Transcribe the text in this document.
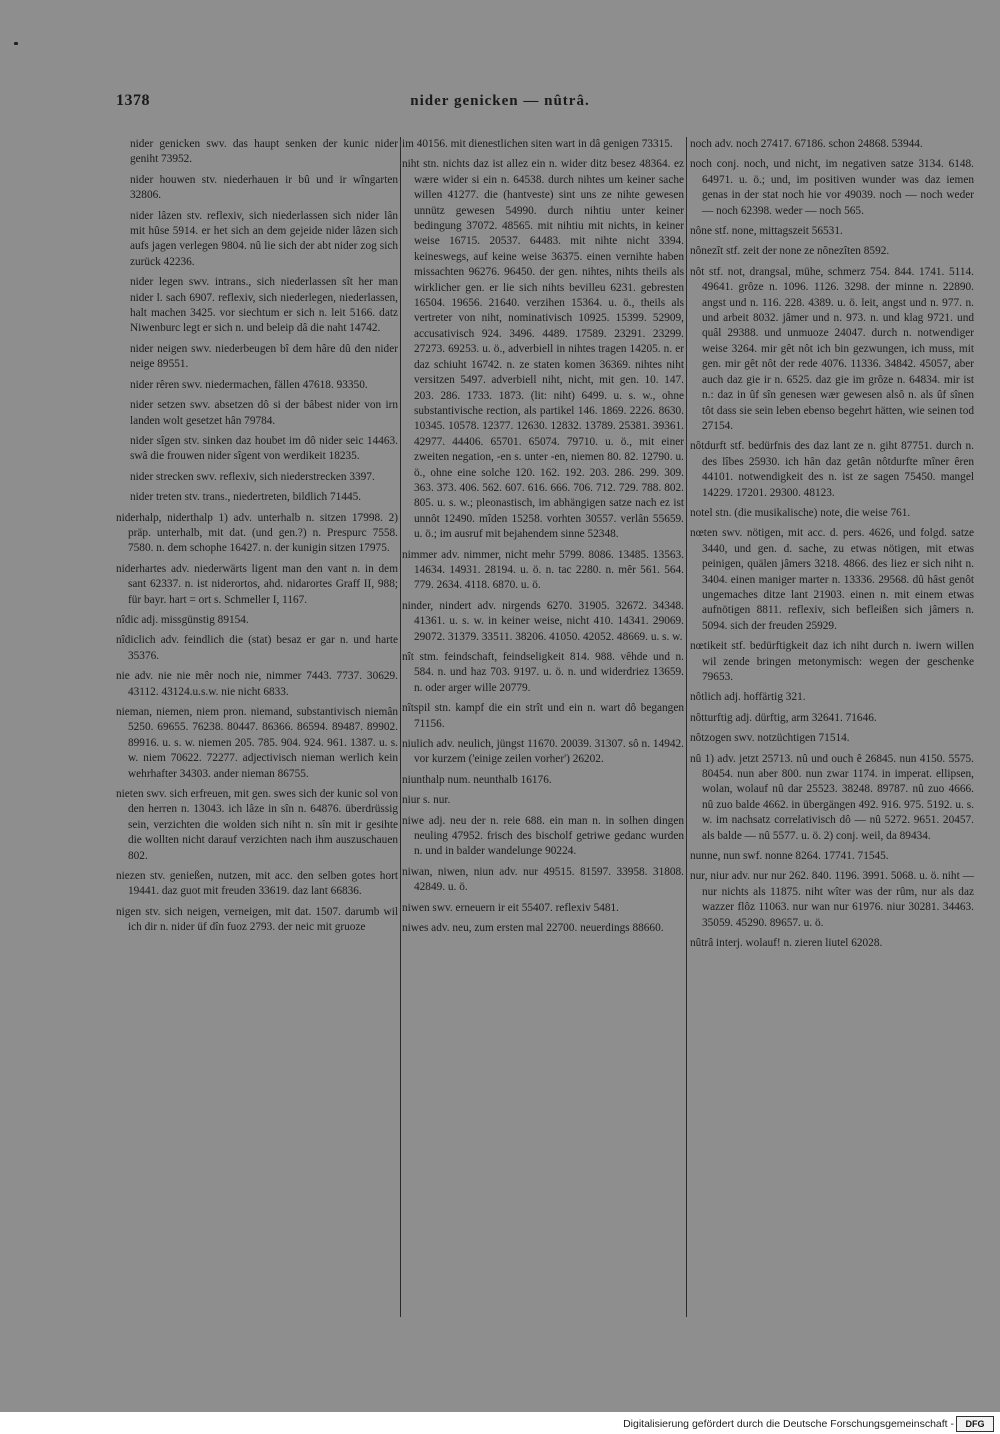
1378	nider genicken — nûtrâ.

nider genicken swv. das haupt senken der kunic nider geniht 73952.

nider houwen stv. niederhauen ir bû und ir wîngarten 32806.

nider lâzen stv. reflexiv, sich niederlassen sich nider lân mit hûse 5914. er het sich an dem gejeide nider lâzen sich aufs jagen verlegen 9804. nû lie sich der abt nider zog sich zurück 42236.

nider legen swv. intrans., sich niederlassen sît her man nider l. sach 6907. reflexiv, sich niederlegen, niederlassen, halt machen 3425. vor siechtum er sich n. leit 5166. datz Niwenburc legt er sich n. und beleip dâ die naht 14742.

nider neigen swv. niederbeugen bî dem hâre dû den nider neige 89551.

nider rêren swv. niedermachen, fällen 47618. 93350.

nider setzen swv. absetzen dô si der bâbest nider von irn landen wolt gesetzet hân 79784.

nider sîgen stv. sinken daz houbet im dô nider seic 14463. swâ die frouwen nider sîgent von werdikeit 18235.

nider strecken swv. reflexiv, sich niederstrecken 3397.

nider treten stv. trans., niedertreten, bildlich 71445.

niderhalp, niderthalp 1) adv. unterhalb n. sitzen 17998. 2) präp. unterhalb, mit dat. (und gen.?) n. Prespurc 7558. 7580. n. dem schophe 16427. n. der kunigin sitzen 17975.

niderhartes adv. niederwärts ligent man den vant n. in dem sant 62337. n. ist niderortos, ahd. nidarortes Graff II, 988; für bayr. hart = ort s. Schmeller I, 1167.

nîdic adj. missgünstig 89154.

nîdiclich adv. feindlich die (stat) besaz er gar n. und harte 35376.

nie adv. nie nie mêr noch nie, nimmer 7443. 7737. 30629. 43112. 43124.u.s.w. nie nicht 6833.

nieman, niemen, niem pron. niemand, substantivisch niemân 5250. 69655. 76238. 80447. 86366. 86594. 89487. 89902. 89916. u. s. w. niemen 205. 785. 904. 924. 961. 1387. u. s. w. niem 70622. 72277. adjectivisch nieman werlich kein wehrhafter 34303. ander nieman 86755.

nieten swv. sich erfreuen, mit gen. swes sich der kunic sol von den herren n. 13043. ich lâze in sîn n. 64876. überdrüssig sein, verzichten die wolden sich niht n. sîn mit ir gesihte die wollten nicht darauf verzichten nach ihm auszuschauen 802.

niezen stv. genießen, nutzen, mit acc. den selben gotes hort 19441. daz guot mit freuden 33619. daz lant 66836.

nigen stv. sich neigen, verneigen, mit dat. 1507. darumb wil ich dir n. nider üf dîn fuoz 2793. der neic mit gruoze

im 40156. mit dienestlichen siten wart in dâ genigen 73315.

niht stn. nichts daz ist allez ein n. wider ditz besez 48364. ez wære wider si ein n. 64538. durch nihtes um keiner sache willen 41277. die (hantveste) sint uns ze nihte gewesen unnütz gewesen 54990. durch nihtiu unter keiner bedingung 37072. 48565. mit nihtiu mit nichts, in keiner weise 16715. 20537. 64483. mit nihte nicht 3394. keineswegs, auf keine weise 36375. einen vernihte haben missachten 96276. 96450. der gen. nihtes, nihts theils als wirklicher gen. er lie sich nihts bevilleu 6231. gebresten 16504. 19656. 21640. verzihen 15364. u. ö., theils als vertreter von niht, nominativisch 10925. 15399. 52909, accusativisch 924. 3496. 4489. 17589. 23291. 23299. 27273. 69253. u. ö., adverbiell in nihtes tragen 14205. n. er daz schiuht 16742. n. ze staten komen 36369. nihtes niht versitzen 5497. adverbiell niht, nicht, mit gen. 10. 147. 203. 286. 1733. 1873. (lit: niht) 6499. u. s. w., ohne substantivische rection, als partikel 146. 1869. 2226. 8630. 10345. 10578. 12377. 12630. 12832. 13789. 25381. 39361. 42977. 44406. 65701. 65074. 79710. u. ö., mit einer zweiten negation, -en s. unter -en, niemen 80. 82. 12790. u. ö., ohne eine solche 120. 162. 192. 203. 286. 299. 309. 363. 373. 406. 562. 607. 616. 666. 706. 712. 729. 788. 802. 805. u. s. w.; pleonastisch, im abhängigen satze nach ez ist unnôt 12490. mîden 15258. vorhten 30557. verlân 55659. u. ö.; im ausruf mit bejahendem sinne 52348.

nimmer adv. nimmer, nicht mehr 5799. 8086. 13485. 13563. 14634. 14931. 28194. u. ö. n. tac 2280. n. mêr 561. 564. 779. 2634. 4118. 6870. u. ö.

ninder, nindert adv. nirgends 6270. 31905. 32672. 34348. 41361. u. s. w. in keiner weise, nicht 410. 14341. 29069. 29072. 31379. 33511. 38206. 41050. 42052. 48669. u. s. w.

nît stm. feindschaft, feindseligkeit 814. 988. vêhde und n. 584. n. und haz 703. 9197. u. ö. n. und widerdriez 13659. n. oder arger wille 20779.

nîtspil stn. kampf die ein strît und ein n. wart dô begangen 71156.

niulich adv. neulich, jüngst 11670. 20039. 31307. sô n. 14942. vor kurzem ('einige zeilen vorher') 26202.

niunthalp num. neunthalb 16176.

niur s. nur.

niwe adj. neu der n. reie 688. ein man n. in solhen dingen neuling 47952. frisch des bischolf getriwe gedanc wurden n. und in balder wandelunge 90224.

niwan, niwen, niun adv. nur 49515. 81597. 33958. 31808. 42849. u. ö.

niwen swv. erneuern ir eit 55407. reflexiv 5481.

niwes adv. neu, zum ersten mal 22700. neuerdings 88660.

noch adv. noch 27417. 67186. schon 24868. 53944.

noch conj. noch, und nicht, im negativen satze 3134. 6148. 64971. u. ö.; und, im positiven wunder was daz iemen genas in der stat noch hie vor 49039. noch — noch weder — noch 62398. weder — noch 565.

nône stf. none, mittagszeit 56531.

nônezît stf. zeit der none ze nônezîten 8592.

nôt stf. not, drangsal, mühe, schmerz 754. 844. 1741. 5114. 49641. grôze n. 1096. 1126. 3298. der minne n. 22890. angst und n. 116. 228. 4389. u. ö. leit, angst und n. 977. n. und arbeit 8032. jâmer und n. 973. n. und klag 9721. und quâl 29388. und unmuoze 24047. durch n. notwendiger weise 3264. mir gêt nôt ich bin gezwungen, ich muss, mit gen. mir gêt nôt der rede 4076. 11336. 34842. 45057, aber auch daz gie ir n. 6525. daz gie im grôze n. 64834. mir ist n.: daz in ûf sîn genesen wær gewesen alsô n. als ûf sînen tôt dass sie sein leben ebenso begehrt hätten, wie seinen tod 27154.

nôtdurft stf. bedürfnis des daz lant ze n. giht 87751. durch n. des lîbes 25930. ich hân daz getân nôtdurfte mîner êren 44101. notwendigkeit des n. ist ze sagen 75450. mangel 14229. 17201. 29300. 48123.

notel stn. (die musikalische) note, die weise 761.

nœten swv. nötigen, mit acc. d. pers. 4626, und folgd. satze 3440, und gen. d. sache, zu etwas nötigen, mit etwas peinigen, quälen jâmers 3218. 4866. des liez er sich niht n. 3404. einen maniger marter n. 13336. 29568. dû hâst genôt ungemaches ditze lant 21903. einen n. mit einem etwas aufnötigen 8811. reflexiv, sich befleißen sich jâmers n. 5094. sich der freuden 25929.

nœtikeit stf. bedürftigkeit daz ich niht durch n. iwern willen wil zende bringen metonymisch: wegen der geschenke 79653.

nôtlich adj. hoffärtig 321.

nôtturftig adj. dürftig, arm 32641. 71646.

nôtzogen swv. notzüchtigen 71514.

nû 1) adv. jetzt 25713. nû und ouch ê 26845. nun 4150. 5575. 80454. nun aber 800. nun zwar 1174. in imperat. ellipsen, wolan, wolauf nû dar 25523. 38248. 89787. nû zuo 4666. nû zuo balde 4662. in übergängen 492. 916. 975. 5192. u. s. w. im nachsatz correlativisch dô — nû 5272. 9651. 20457. als balde — nû 5577. u. ö. 2) conj. weil, da 89434.

nunne, nun swf. nonne 8264. 17741. 71545.

nur, niur adv. nur nur 262. 840. 1196. 3991. 5068. u. ö. niht — nur nichts als 11875. niht wîter was der rûm, nur als daz wazzer flôz 11063. nur wan nur 61976. niur 30281. 34463. 35059. 45290. 89657. u. ö.

nûtrâ interj. wolauf! n. zieren liutel 62028.

Digitalisierung gefördert durch die Deutsche Forschungsgemeinschaft -	DFG
